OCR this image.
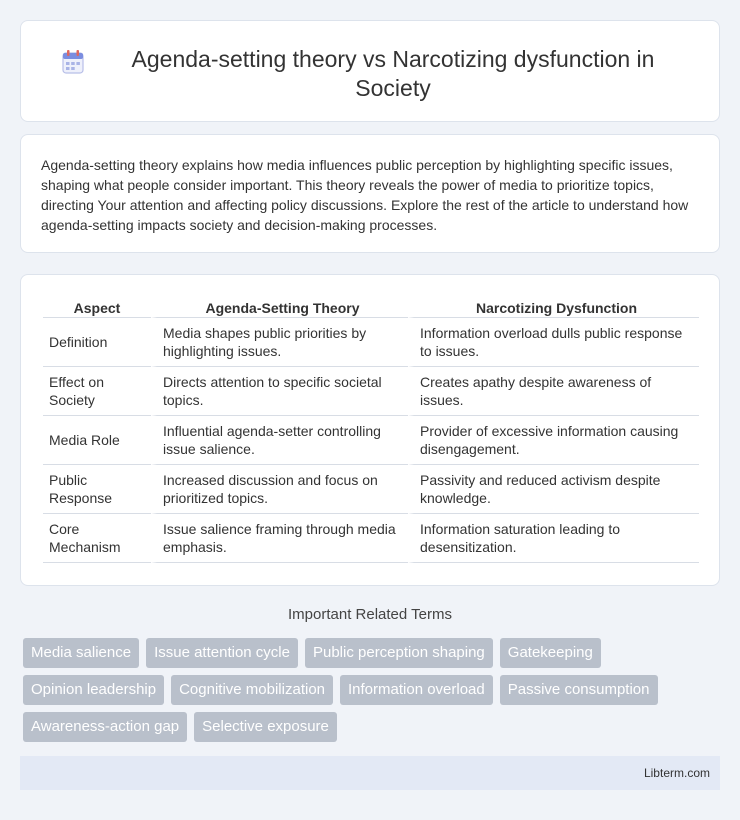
Agenda-setting theory vs Narcotizing dysfunction in Society

Agenda-setting theory explains how media influences public perception by highlighting specific issues, shaping what people consider important. This theory reveals the power of media to prioritize topics, directing Your attention and affecting policy discussions. Explore the rest of the article to understand how agenda-setting impacts society and decision-making processes.

Aspect	Agenda-Setting Theory	Narcotizing Dysfunction
Definition	Media shapes public priorities by highlighting issues.	Information overload dulls public response to issues.
Effect on Society	Directs attention to specific societal topics.	Creates apathy despite awareness of issues.
Media Role	Influential agenda-setter controlling issue salience.	Provider of excessive information causing disengagement.
Public Response	Increased discussion and focus on prioritized topics.	Passivity and reduced activism despite knowledge.
Core Mechanism	Issue salience framing through media emphasis.	Information saturation leading to desensitization.
Important Related Terms
Media salience	Issue attention cycle	Public perception shaping	Gatekeeping
Opinion leadership	Cognitive mobilization	Information overload	Passive consumption
Awareness-action gap	Selective exposure
Libterm.com
